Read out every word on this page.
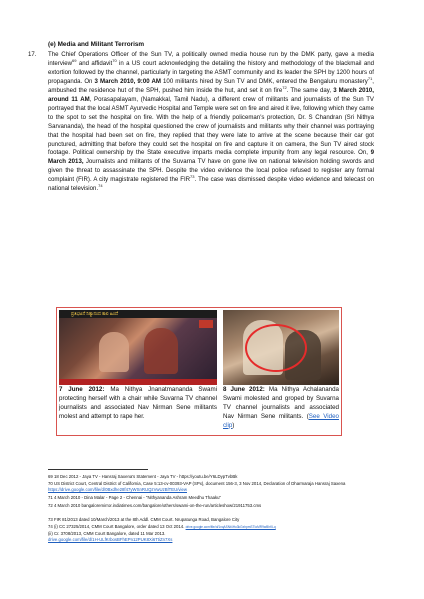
(e) Media and Militant Terrorism
17. The Chief Operations Officer of the Sun TV, a politically owned media house run by the DMK party, gave a media interview$^{69}$ and affidavit$^{70}$ in a US court acknowledging the detailing the history and methodology of the blackmail and extortion followed by the channel, particularly in targeting the ASMT community and its leader the SPH by 1200 hours of propaganda. On 3 March 2010, 9:00 AM 100 militants hired by Sun TV and DMK, entered the Bengaluru monastery$^{71}$, ambushed the residence hut of the SPH, pushed him inside the hut, and set it on fire$^{72}$. The same day, 3 March 2010, around 11 AM, Porasapalayam, (Namakkal, Tamil Nadu), a different crew of militants and journalists of the Sun TV portrayed that the local ASMT Ayurvedic Hospital and Temple were set on fire and aired it live, following which they came to the spot to set the hospital on fire. With the help of a friendly policeman's protection, Dr. S Chandran (Sri Nithya Sarvananda), the head of the hospital questioned the crew of journalists and militants why their channel was portraying that the hospital had been set on fire, they replied that they were late to arrive at the scene because their car got punctured, admitting that before they could set the hospital on fire and capture it on camera, the Sun TV aired stock footage. Political ownership by the State executive imparts media complete impunity from any legal resource. On, 9 March 2013, Journalists and militants of the Suvarna TV have on gone live on national television holding swords and given the threat to assassinate the SPH. Despite the video evidence the local police refused to register any formal complaint (FIR). A city magistrate registered the FIR$^{73}$. The case was dismissed despite video evidence and telecast on national television.$^{74}$
ಪ್ರತಿಭಟನೆ ನಿತ್ಯಾನಂದ ಕಾಲಿ ಹಿಂದೆ
7 June 2012: Ma Nithya Jnanatmananda Swami protecting herself with a chair while Suvarna TV channel journalists and associated Nav Nirman Sene militants molest and attempt to rape her.
8 June 2012: Ma Nithya Achalananda Swami molested and groped by Suvarna TV channel journalists and associated Nav Nirman Sene militants. (See Video clip)
69 18 Dec 2012 - Jaya TV - Hansraj Saxena's Statement - Jaya TV - https://youtu.be/Y6LDypTvbBk
70 US District Court, Central District of California, Case 5:13-cv-00393-VAP (SPx), document 156-3, 3 Nov 2014, Declaration of Dharmaraja Hansraj Saxena https://drive.google.com/file/d/0Bxdhe28f47yWSnRUQzVwUzBlTEU/view
71 4 March 2010 - Dina Malar - Page 2 - Chennai - "Nithyananda Ashram Meedhu Thaaku"
72 4 March 2010 bangaloremirror.indiatimes.com/bangalore/others/swami-on-the-run/articleshow/21911753.cms
73 FIR 81/2013 dated 10/March/2013 at the 8th Addl. CMM Court. Nrupatunga Road, Bangalore City
74 (i) CC 27325/2014, CMM Court Bangalore, order dated 13 Oct 2014. drive.google.com/file/d/1vqASNt4Ho3kGxhpmSTIoMR9wBhKLq
(ii) Cr. 3708/2013, CMM Court Bangalore, dated 11 Mar 2013.
drive.google.com/file/d/1H-ULfKrbosBFhEPn12PUK8Xi6TtiZn7Xs
